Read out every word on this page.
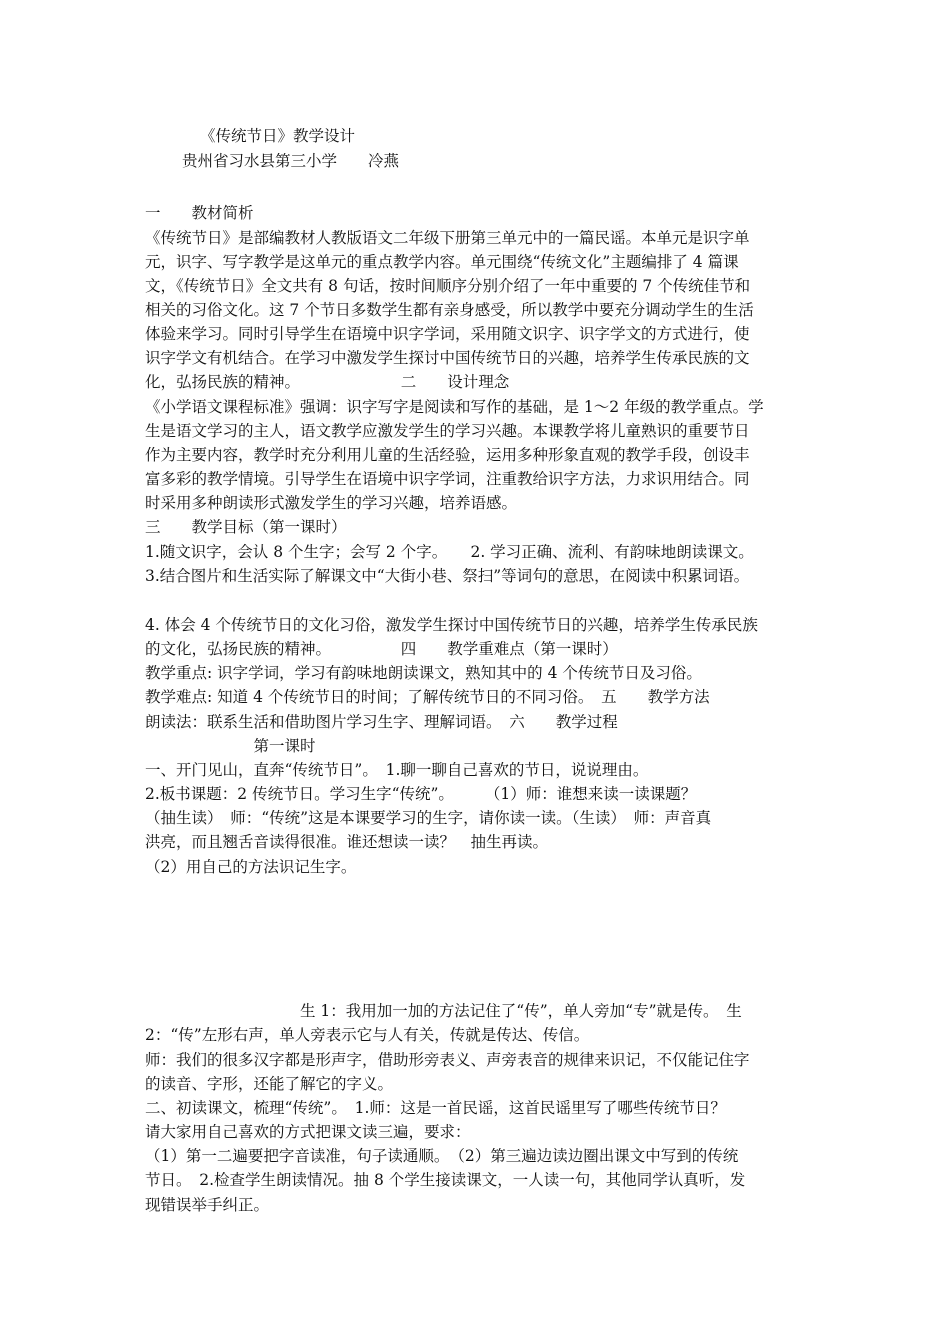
《传统节日》教学设计
贵州省习水县第三小学　　冷燕
一　　教材简析
《传统节日》是部编教材人教版语文二年级下册第三单元中的一篇民谣。本单元是识字单
元，识字、写字教学是这单元的重点教学内容。单元围绕“传统文化”主题编排了 4 篇课
文，《传统节日》全文共有 8 句话，按时间顺序分别介绍了一年中重要的 7 个传统佳节和
相关的习俗文化。这 7 个节日多数学生都有亲身感受，所以教学中要充分调动学生的生活
体验来学习。同时引导学生在语境中识字学词，采用随文识字、识字学文的方式进行，使
识字学文有机结合。在学习中激发学生探讨中国传统节日的兴趣，培养学生传承民族的文
化，弘扬民族的精神。　　　　　　　二　　设计理念
《小学语文课程标准》强调：识字写字是阅读和写作的基础，是 1～2 年级的教学重点。学
生是语文学习的主人，语文教学应激发学生的学习兴趣。本课教学将儿童熟识的重要节日
作为主要内容，教学时充分利用儿童的生活经验，运用多种形象直观的教学手段，创设丰
富多彩的教学情境。引导学生在语境中识字学词，注重教给识字方法，力求识用结合。同
时采用多种朗读形式激发学生的学习兴趣，培养语感。
三　　教学目标（第一课时）
1.随文识字，会认 8 个生字；会写 2 个字。　　2. 学习正确、流利、有韵味地朗读课文。
3.结合图片和生活实际了解课文中“大街小巷、祭扫”等词句的意思，在阅读中积累词语。
4. 体会 4 个传统节日的文化习俗，激发学生探讨中国传统节日的兴趣，培养学生传承民族
的文化，弘扬民族的精神。　　　　　四　　教学重难点（第一课时）
教学重点: 识字学词，学习有韵味地朗读课文，熟知其中的 4 个传统节日及习俗。
教学难点: 知道 4 个传统节日的时间；了解传统节日的不同习俗。　五　　教学方法
朗读法：联系生活和借助图片学习生字、理解词语。　六　　教学过程
　　　　　　　第一课时
一、开门见山，直奔“传统节日”。　1.聊一聊自己喜欢的节日，说说理由。
2.板书课题：2 传统节日。学习生字“传统”。　　　（1）师：谁想来读一读课题？
（抽生读）　师：“传统”这是本课要学习的生字，请你读一读。（生读）　师：声音真
洪亮，而且翘舌音读得很准。谁还想读一读？　抽生再读。
（2）用自己的方法识记生字。
　　　　　　　　　　生 1：我用加一加的方法记住了“传”，单人旁加“专”就是传。　生
2：“传”左形右声，单人旁表示它与人有关，传就是传达、传信。
师：我们的很多汉字都是形声字，借助形旁表义、声旁表音的规律来识记，不仅能记住字
的读音、字形，还能了解它的字义。
二、初读课文，梳理“传统”。　1.师：这是一首民谣，这首民谣里写了哪些传统节日？
请大家用自己喜欢的方式把课文读三遍，要求：
（1）第一二遍要把字音读准，句子读通顺。　（2）第三遍边读边圈出课文中写到的传统
节日。　2.检查学生朗读情况。抽 8 个学生接读课文，一人读一句，其他同学认真听，发
现错误举手纠正。
